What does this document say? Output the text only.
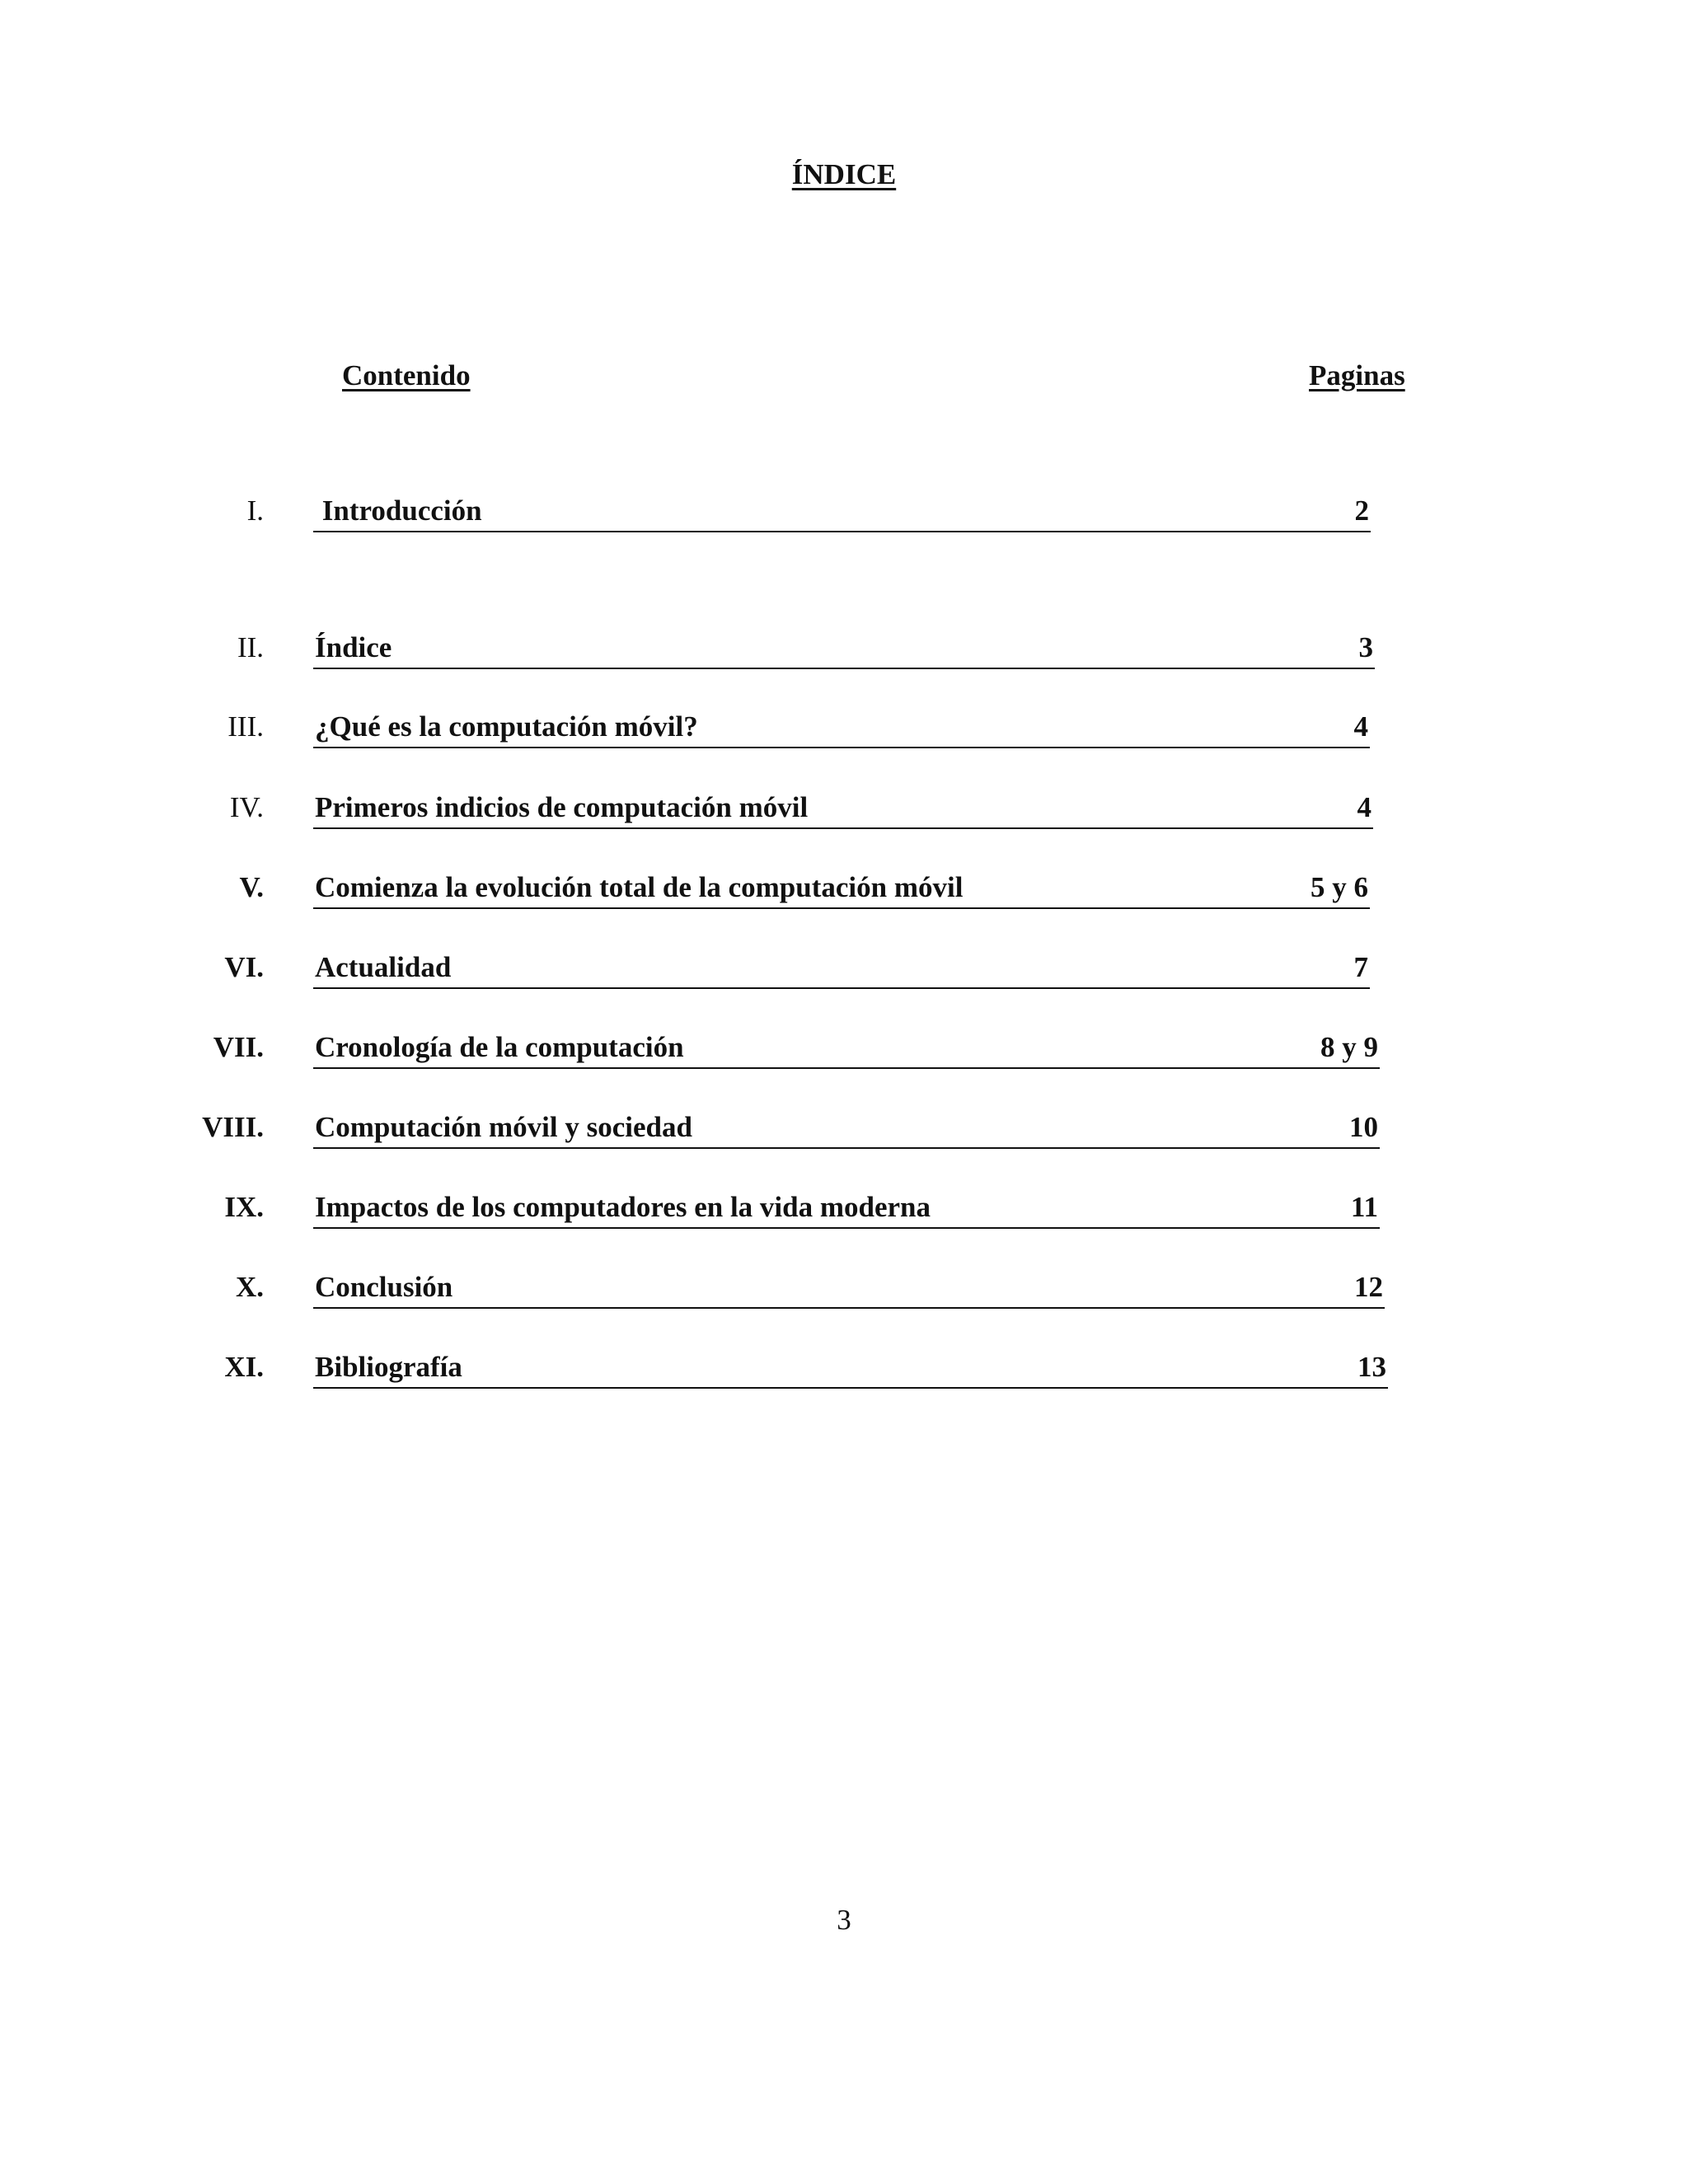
ÍNDICE
Contenido	Paginas
I. Introducción	2
II. Índice	3
III. ¿Qué es la computación móvil?	4
IV. Primeros indicios de computación móvil	4
V. Comienza la evolución total de la computación móvil	5 y 6
VI. Actualidad	7
VII. Cronología de la computación	8 y 9
VIII. Computación móvil y sociedad	10
IX. Impactos de los computadores en la vida moderna	11
X. Conclusión	12
XI. Bibliografía	13
3
